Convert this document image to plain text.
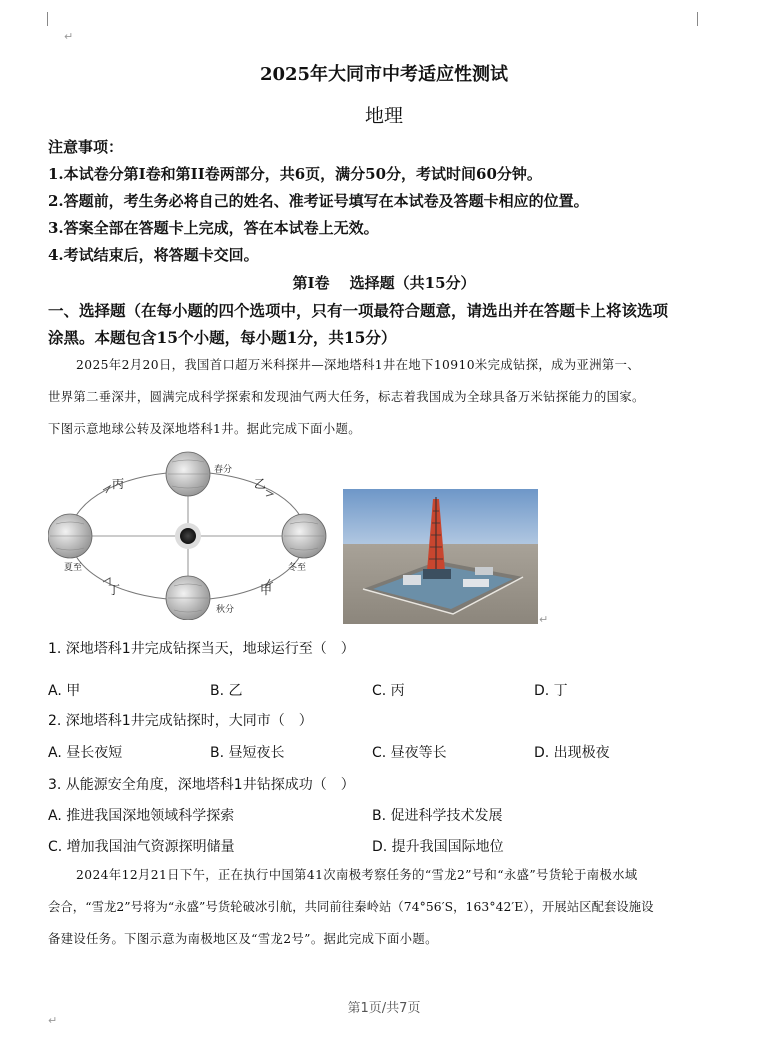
↵
2025年大同市中考适应性测试
地理
注意事项：
1.本试卷分第I卷和第II卷两部分，共6页，满分50分，考试时间60分钟。
2.答题前，考生务必将自己的姓名、准考证号填写在本试卷及答题卡相应的位置。
3.答案全部在答题卡上完成，答在本试卷上无效。
4.考试结束后，将答题卡交回。
第I卷　 选择题（共15分）
一、选择题（在每小题的四个选项中，只有一项最符合题意，请选出并在答题卡上将该选项
涂黑。本题包含15个小题，每小题1分，共15分）
2025年2月20日，我国首口超万米科探井—深地塔科1井在地下10910米完成钻探，成为亚洲第一、
世界第二垂深井，圆满完成科学探索和发现油气两大任务，标志着我国成为全球具备万米钻探能力的国家。
下图示意地球公转及深地塔科1井。据此完成下面小题。
春分
夏至	冬至
秋分
丙	乙
丁	甲
↵
1. 深地塔科1井完成钻探当天，地球运行至（　）
A. 甲	B. 乙	C. 丙	D. 丁
2. 深地塔科1井完成钻探时，大同市（　）
A. 昼长夜短	B. 昼短夜长	C. 昼夜等长	D. 出现极夜
3. 从能源安全角度，深地塔科1井钻探成功（　）
A. 推进我国深地领域科学探索	B. 促进科学技术发展
C. 增加我国油气资源探明储量	D. 提升我国国际地位
2024年12月21日下午，正在执行中国第41次南极考察任务的“雪龙2”号和“永盛”号货轮于南极水域
会合，“雪龙2”号将为“永盛”号货轮破冰引航，共同前往秦岭站（74°56′S，163°42′E），开展站区配套设施设
备建设任务。下图示意为南极地区及“雪龙2号”。据此完成下面小题。
第1页/共7页
↵
